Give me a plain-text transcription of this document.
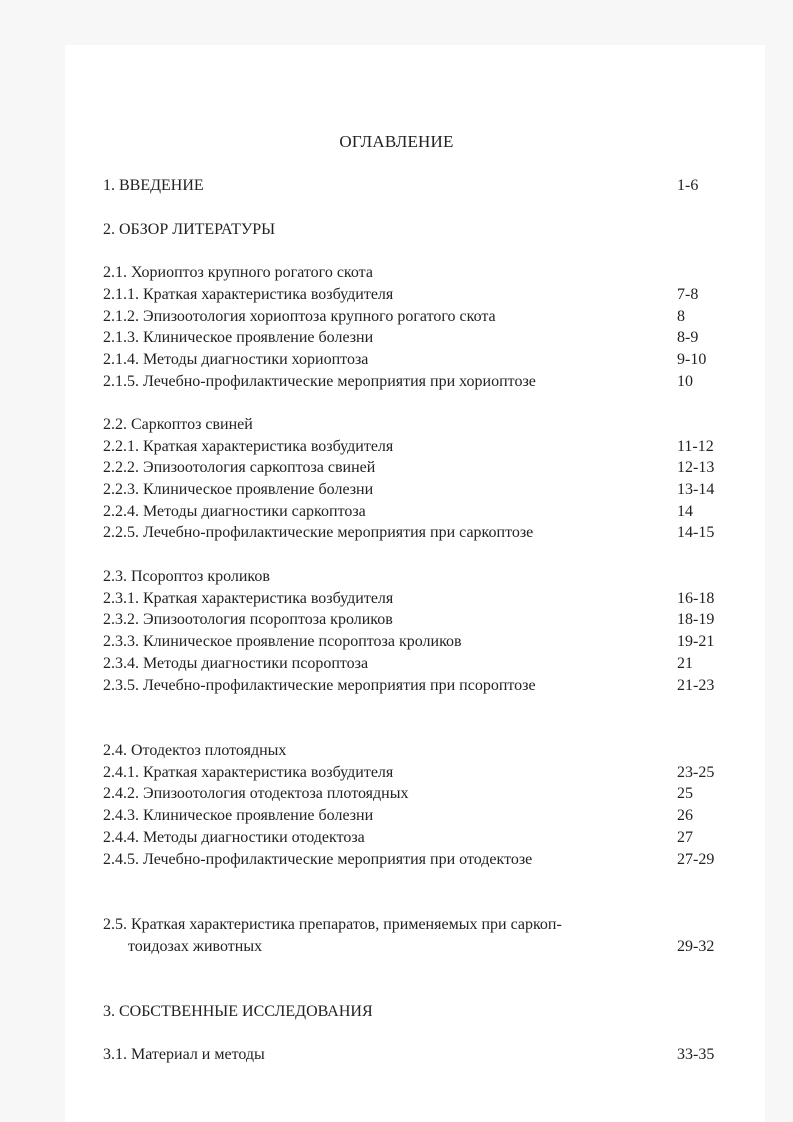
ОГЛАВЛЕНИЕ
1. ВВЕДЕНИЕ	1-6
2. ОБЗОР ЛИТЕРАТУРЫ
2.1. Хориоптоз крупного рогатого скота
2.1.1. Краткая характеристика возбудителя	7-8
2.1.2. Эпизоотология хориоптоза крупного рогатого скота	8
2.1.3. Клиническое проявление болезни	8-9
2.1.4. Методы диагностики хориоптоза	9-10
2.1.5. Лечебно-профилактические мероприятия при хориоптозе	10
2.2. Саркоптоз свиней
2.2.1. Краткая характеристика возбудителя	11-12
2.2.2. Эпизоотология саркоптоза свиней	12-13
2.2.3. Клиническое проявление болезни	13-14
2.2.4. Методы диагностики саркоптоза	14
2.2.5. Лечебно-профилактические мероприятия при саркоптозе	14-15
2.3. Псороптоз кроликов
2.3.1. Краткая характеристика возбудителя	16-18
2.3.2. Эпизоотология псороптоза кроликов	18-19
2.3.3. Клиническое проявление псороптоза кроликов	19-21
2.3.4. Методы диагностики псороптоза	21
2.3.5. Лечебно-профилактические мероприятия при псороптозе	21-23
2.4. Отодектоз плотоядных
2.4.1. Краткая характеристика возбудителя	23-25
2.4.2. Эпизоотология отодектоза плотоядных	25
2.4.3. Клиническое проявление болезни	26
2.4.4. Методы диагностики отодектоза	27
2.4.5. Лечебно-профилактические мероприятия при отодектозе	27-29
2.5. Краткая характеристика препаратов, применяемых при саркоп-
тоидозах животных	29-32
3. СОБСТВЕННЫЕ ИССЛЕДОВАНИЯ
3.1. Материал и методы	33-35
